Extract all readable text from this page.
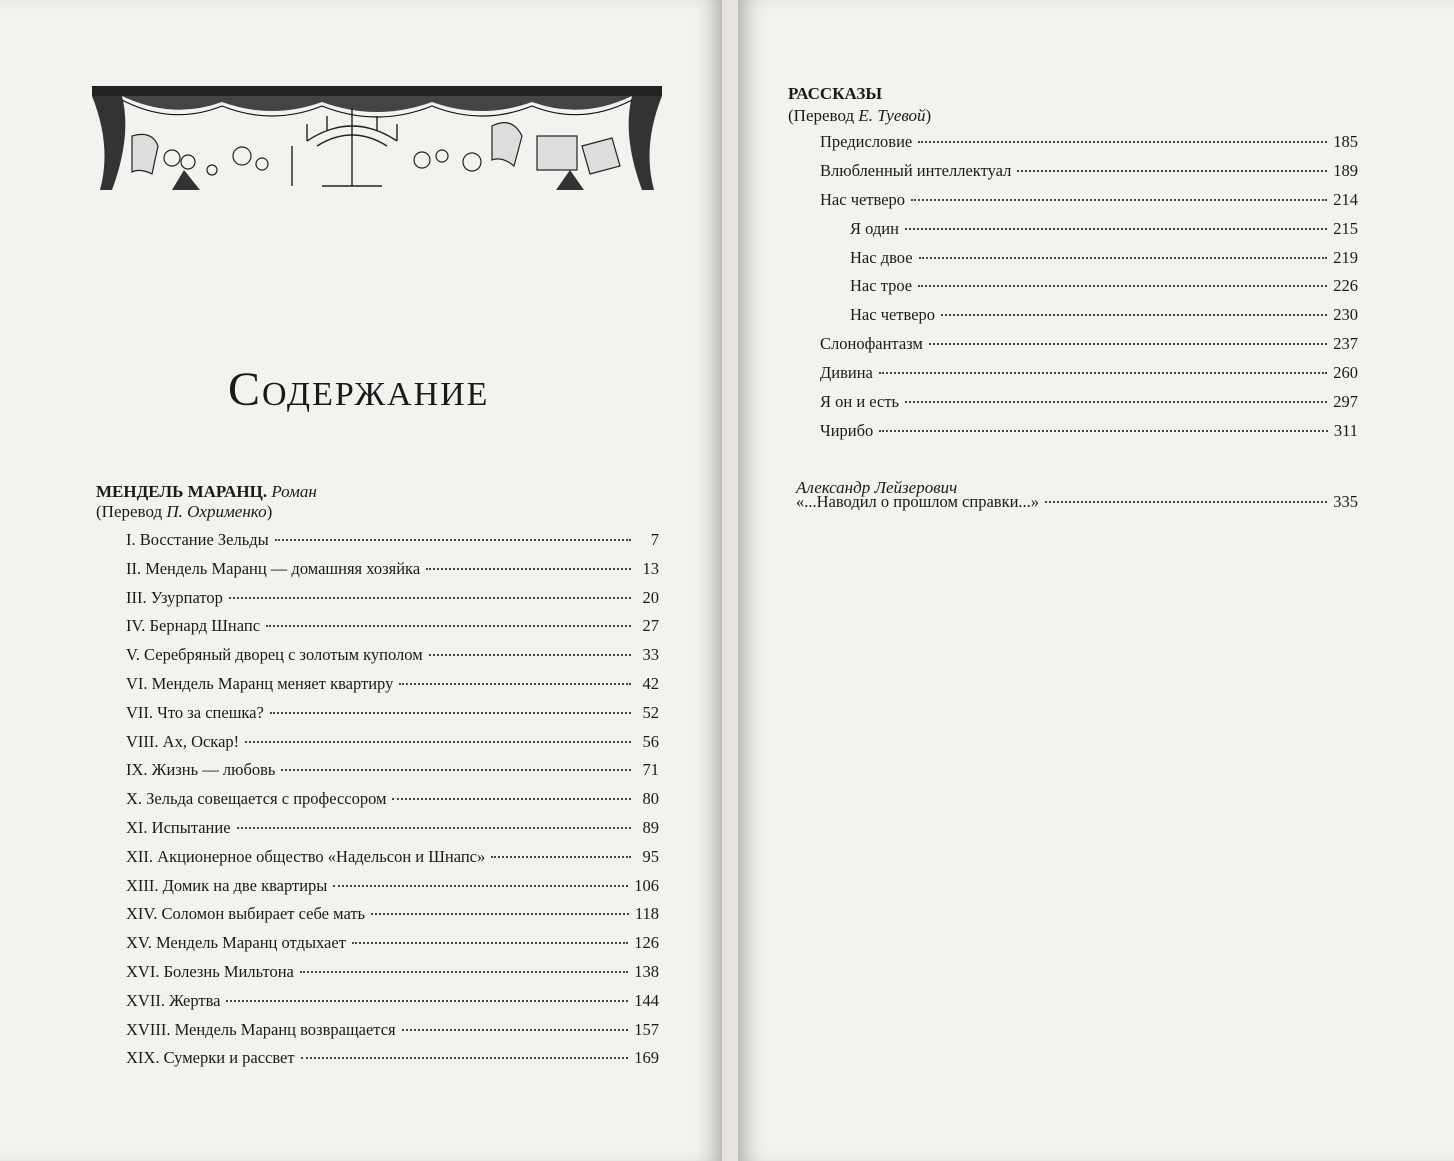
Содержание
МЕНДЕЛЬ МАРАНЦ. Роман
(Перевод П. Охрименко)
I. Восстание Зельды	7
II. Мендель Маранц — домашняя хозяйка	13
III. Узурпатор	20
IV. Бернард Шнапс	27
V. Серебряный дворец с золотым куполом	33
VI. Мендель Маранц меняет квартиру	42
VII. Что за спешка?	52
VIII. Ах, Оскар!	56
IX. Жизнь — любовь	71
X. Зельда совещается с профессором	80
XI. Испытание	89
XII. Акционерное общество «Надельсон и Шнапс»	95
XIII. Домик на две квартиры	106
XIV. Соломон выбирает себе мать	118
XV. Мендель Маранц отдыхает	126
XVI. Болезнь Мильтона	138
XVII. Жертва	144
XVIII. Мендель Маранц возвращается	157
XIX. Сумерки и рассвет	169
РАССКАЗЫ
(Перевод Е. Туевой)
Предисловие	185
Влюбленный интеллектуал	189
Нас четверо	214
Я один	215
Нас двое	219
Нас трое	226
Нас четверо	230
Слонофантазм	237
Дивина	260
Я он и есть	297
Чирибо	311
Александр Лейзерович
«...Наводил о прошлом справки...»	335
